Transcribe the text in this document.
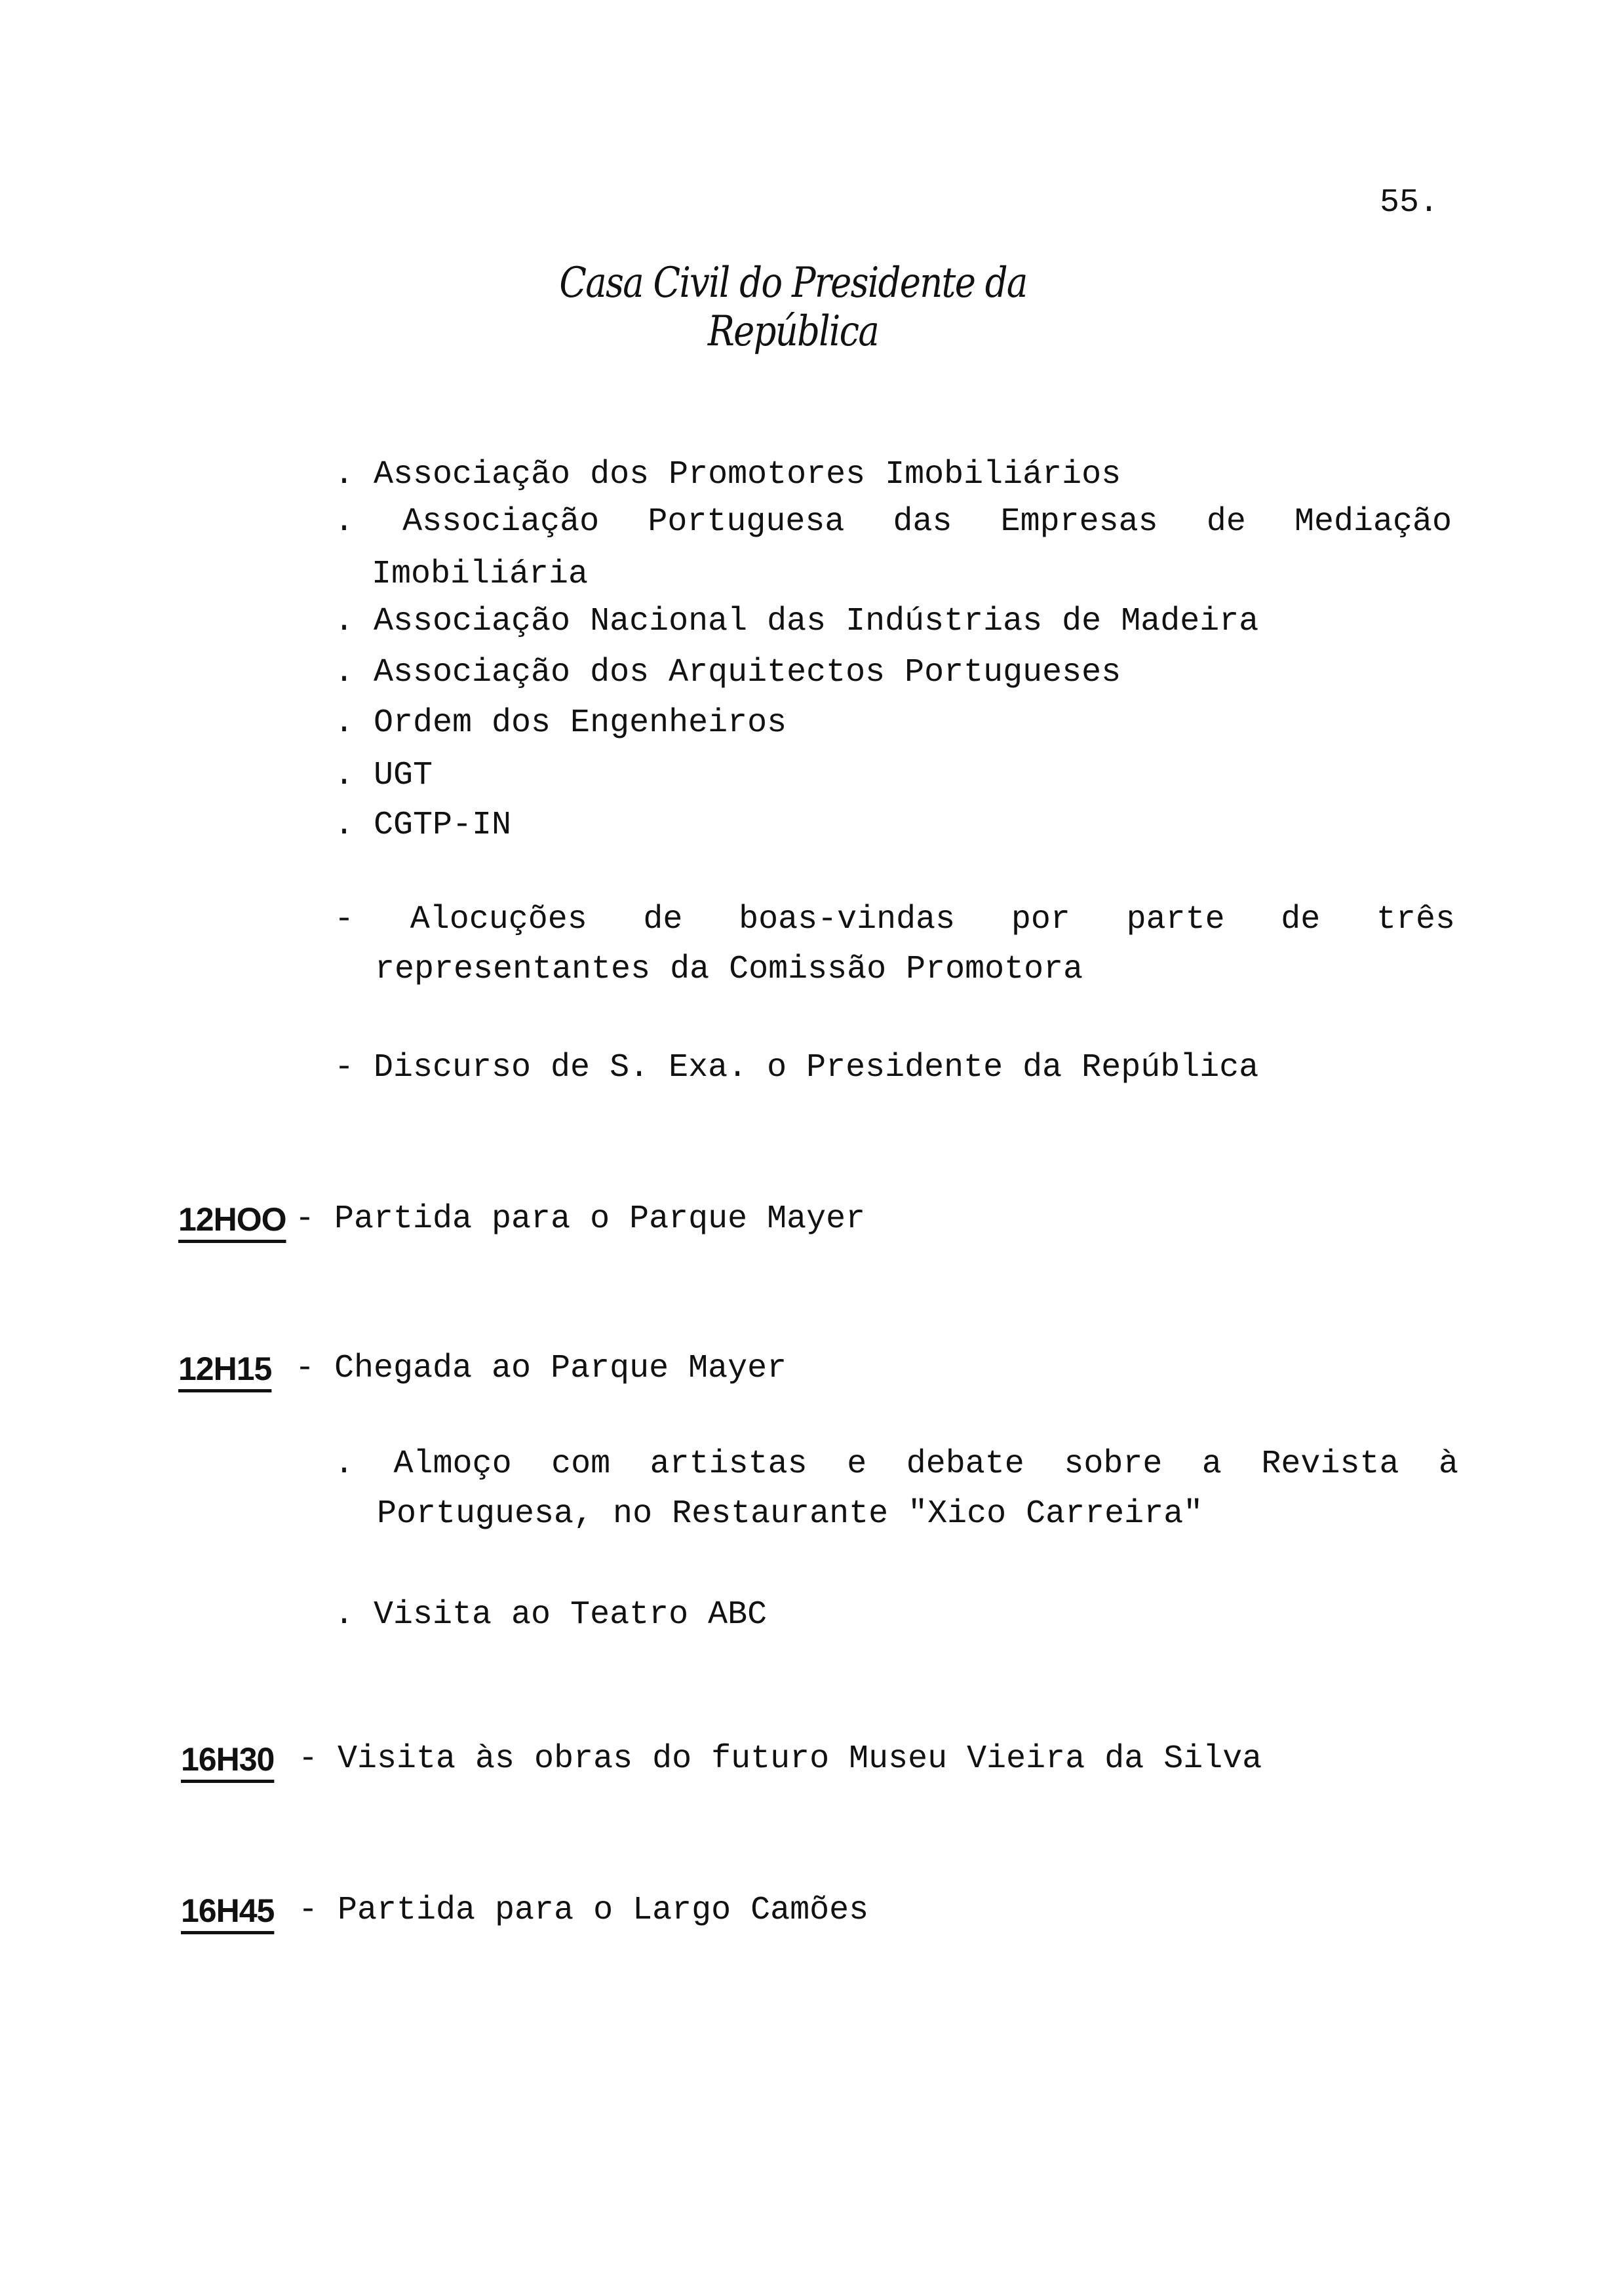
55.
Casa Civil do Presidente da República
. Associação dos Promotores Imobiliários
. Associação Portuguesa das Empresas de Mediação
Imobiliária
. Associação Nacional das Indústrias de Madeira
. Associação dos Arquitectos Portugueses
. Ordem dos Engenheiros
. UGT
. CGTP-IN
- Alocuções de boas-vindas por parte de três
representantes da Comissão Promotora
- Discurso de S. Exa. o Presidente da República
12HOO - Partida para o Parque Mayer
12H15 - Chegada ao Parque Mayer
. Almoço com artistas e debate sobre a Revista à
Portuguesa, no Restaurante "Xico Carreira"
. Visita ao Teatro ABC
16H30 - Visita às obras do futuro Museu Vieira da Silva
16H45 - Partida para o Largo Camões
